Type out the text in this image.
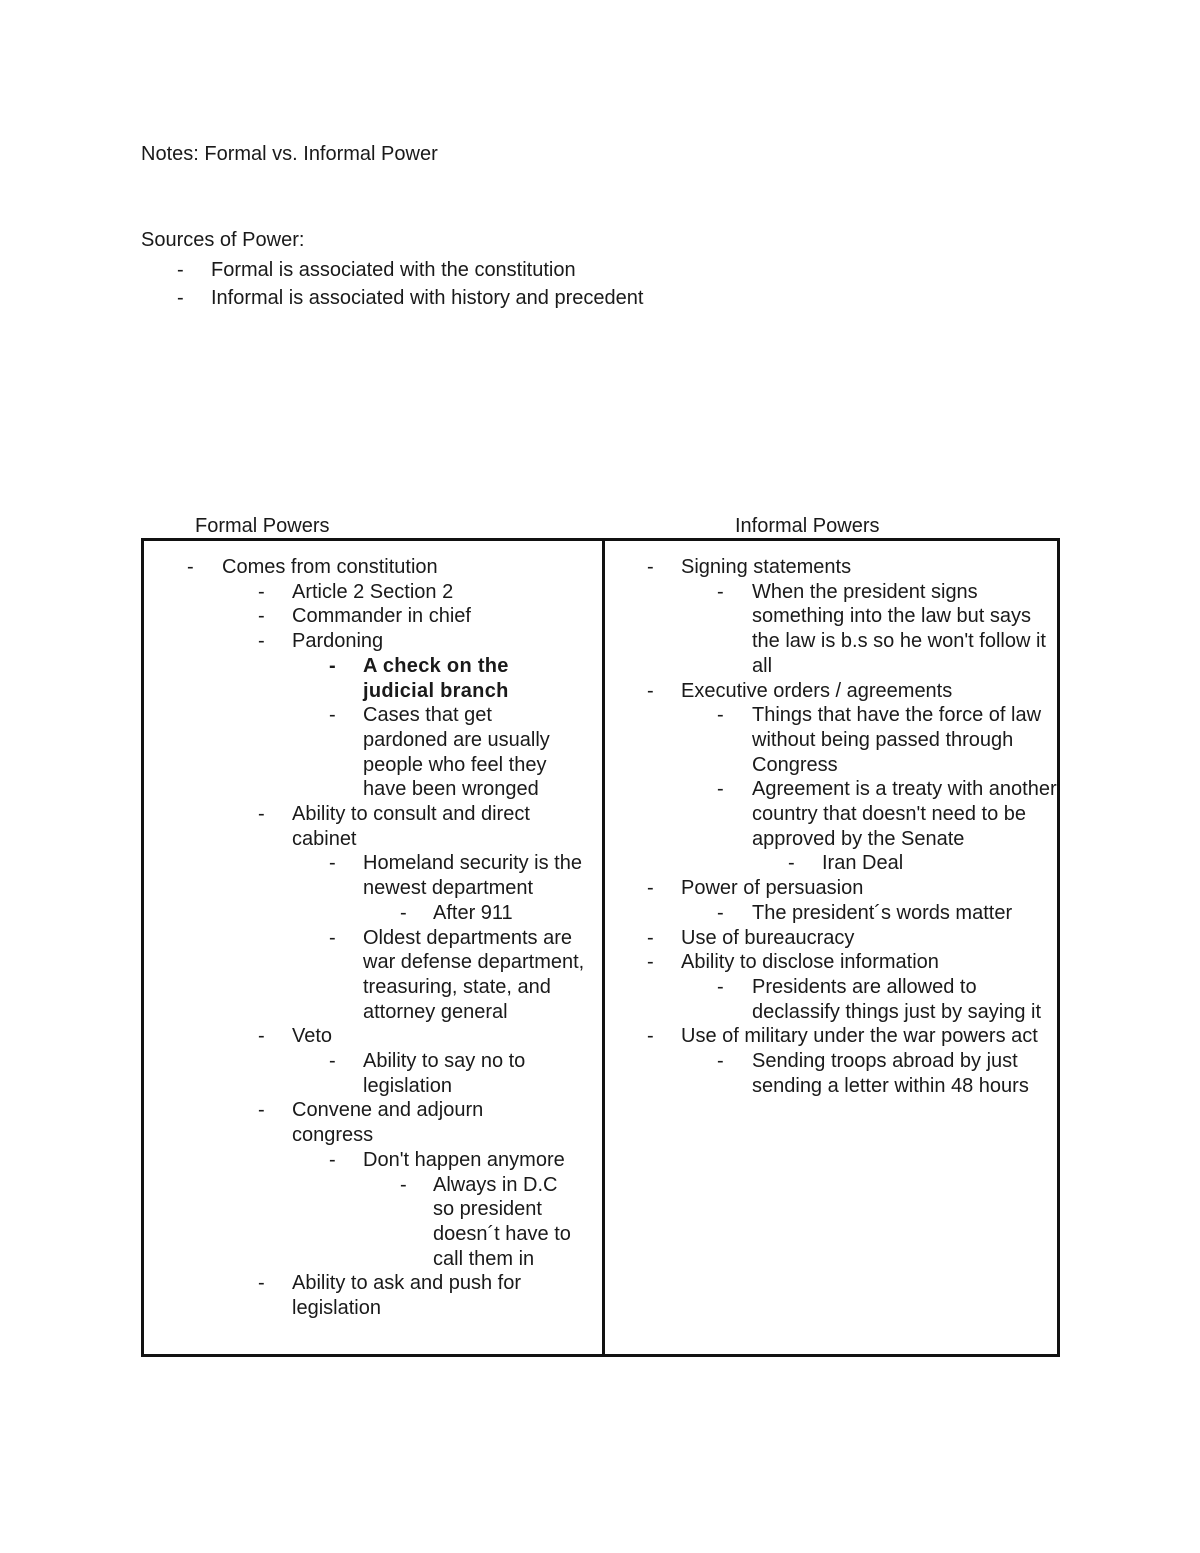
Notes: Formal vs. Informal Power
Sources of Power:
- Formal is associated with the constitution
- Informal is associated with history and precedent
Formal Powers	Informal Powers
- Comes from constitution
- Article 2 Section 2
- Commander in chief
- Pardoning
- A check on the judicial branch
- Cases that get pardoned are usually people who feel they have been wronged
- Ability to consult and direct cabinet
- Homeland security is the newest department
- After 911
- Oldest departments are war defense department, treasuring, state, and attorney general
- Veto
- Ability to say no to legislation
- Convene and adjourn congress
- Don't happen anymore
- Always in D.C so president doesn´t have to call them in
- Ability to ask and push for legislation
- Signing statements
- When the president signs something into the law but says the law is b.s so he won't follow it all
- Executive orders / agreements
- Things that have the force of law without being passed through Congress
- Agreement is a treaty with another country that doesn't need to be approved by the Senate
- Iran Deal
- Power of persuasion
- The president´s words matter
- Use of bureaucracy
- Ability to disclose information
- Presidents are allowed to declassify things just by saying it
- Use of military under the war powers act
- Sending troops abroad by just sending a letter within 48 hours
